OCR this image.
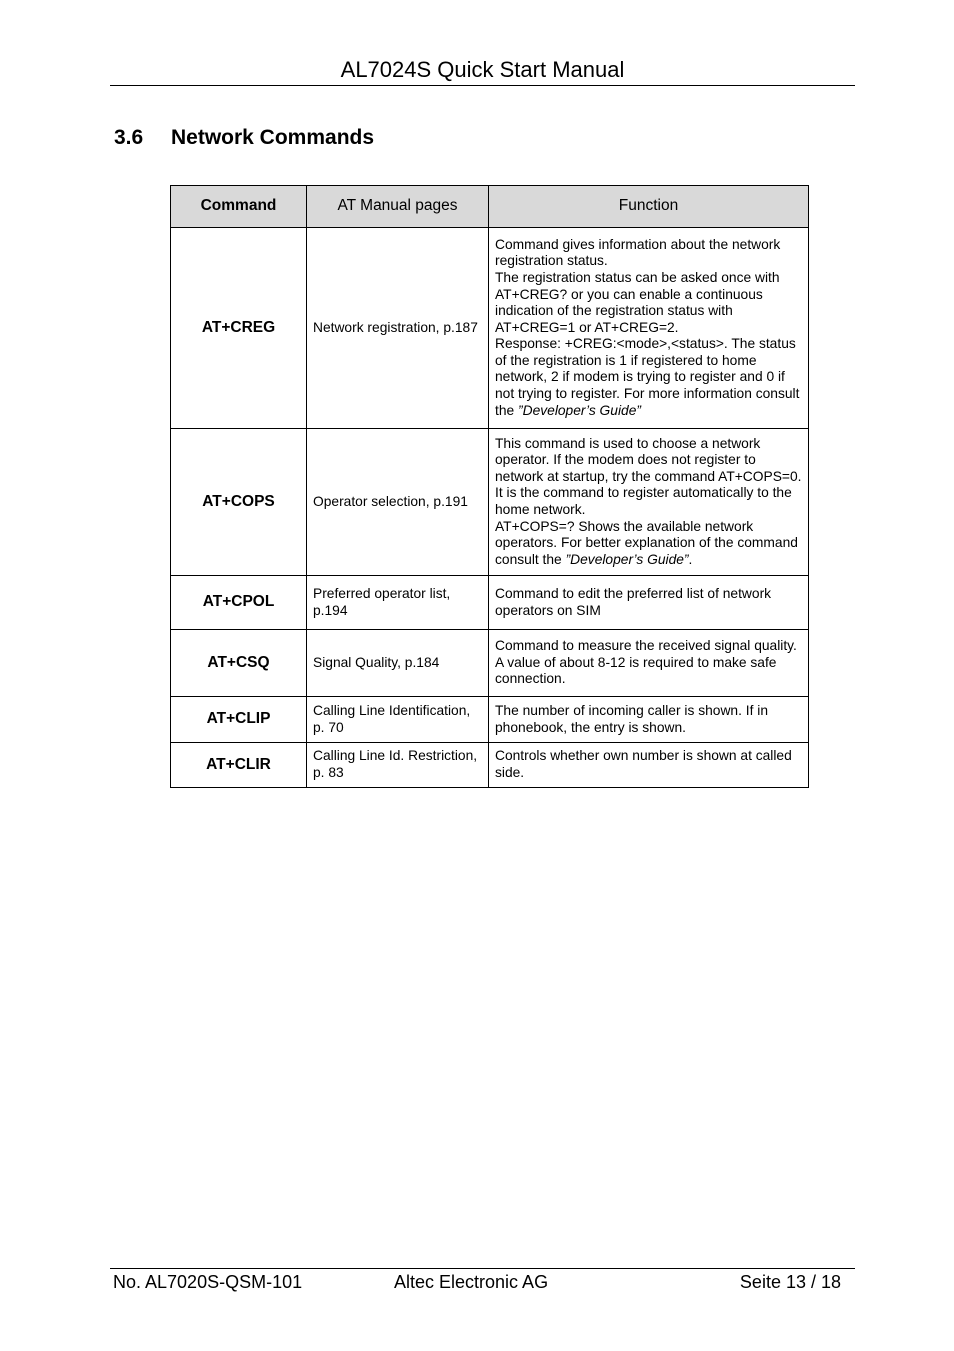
AL7024S Quick Start Manual
3.6 Network Commands
Command	AT Manual pages	Function
AT+CREG	Network registration, p.187	Command gives information about the network registration status.
The registration status can be asked once with AT+CREG? or you can enable a continuous indication of the registration status with AT+CREG=1 or AT+CREG=2.
Response: +CREG:<mode>,<status>. The status of the registration is 1 if registered to home network, 2 if modem is trying to register and 0 if not trying to register. For more information consult the ”Developer’s Guide”
AT+COPS	Operator selection, p.191	This command is used to choose a network operator. If the modem does not register to network at startup, try the command AT+COPS=0. It is the command to register automatically to the home network.
AT+COPS=? Shows the available network operators. For better explanation of the command consult the ”Developer’s Guide”.
AT+CPOL	Preferred operator list, p.194	Command to edit the preferred list of network operators on SIM
AT+CSQ	Signal Quality, p.184	Command to measure the received signal quality. A value of about 8-12 is required to make safe connection.
AT+CLIP	Calling Line Identification, p. 70	The number of incoming caller is shown. If in phonebook, the entry is shown.
AT+CLIR	Calling Line Id. Restriction, p. 83	Controls whether own number is shown at called side.
No. AL7020S-QSM-101	Altec Electronic AG	Seite 13 / 18
